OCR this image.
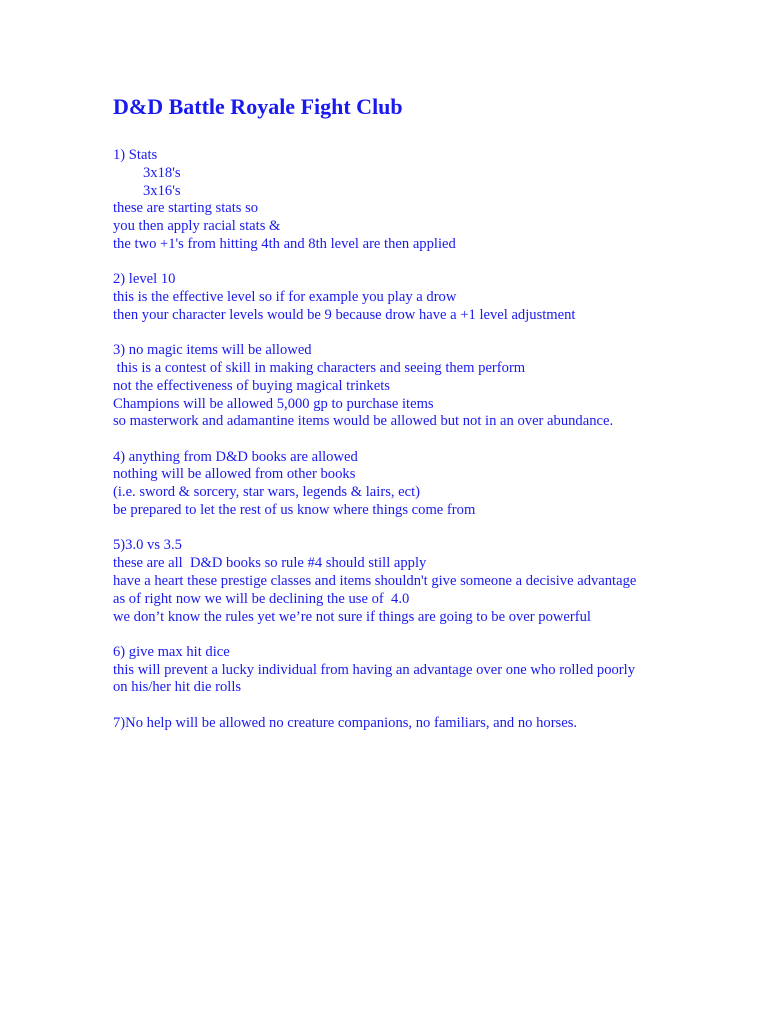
D&D Battle Royale Fight Club
1) Stats
3x18's
3x16's
these are starting stats so
you then apply racial stats &
the two +1's from hitting 4th and 8th level are then applied
2) level 10
this is the effective level so if for example you play a drow
then your character levels would be 9 because drow have a +1 level adjustment
3) no magic items will be allowed
this is a contest of skill in making characters and seeing them perform
not the effectiveness of buying magical trinkets
Champions will be allowed 5,000 gp to purchase items
so masterwork and adamantine items would be allowed but not in an over abundance.
4) anything from D&D books are allowed
nothing will be allowed from other books
(i.e. sword & sorcery, star wars, legends & lairs, ect)
be prepared to let the rest of us know where things come from
5)3.0 vs 3.5
these are all  D&D books so rule #4 should still apply
have a heart these prestige classes and items shouldn't give someone a decisive advantage
as of right now we will be declining the use of  4.0
we don’t know the rules yet we’re not sure if things are going to be over powerful
6) give max hit dice
this will prevent a lucky individual from having an advantage over one who rolled poorly
on his/her hit die rolls
7)No help will be allowed no creature companions, no familiars, and no horses.
